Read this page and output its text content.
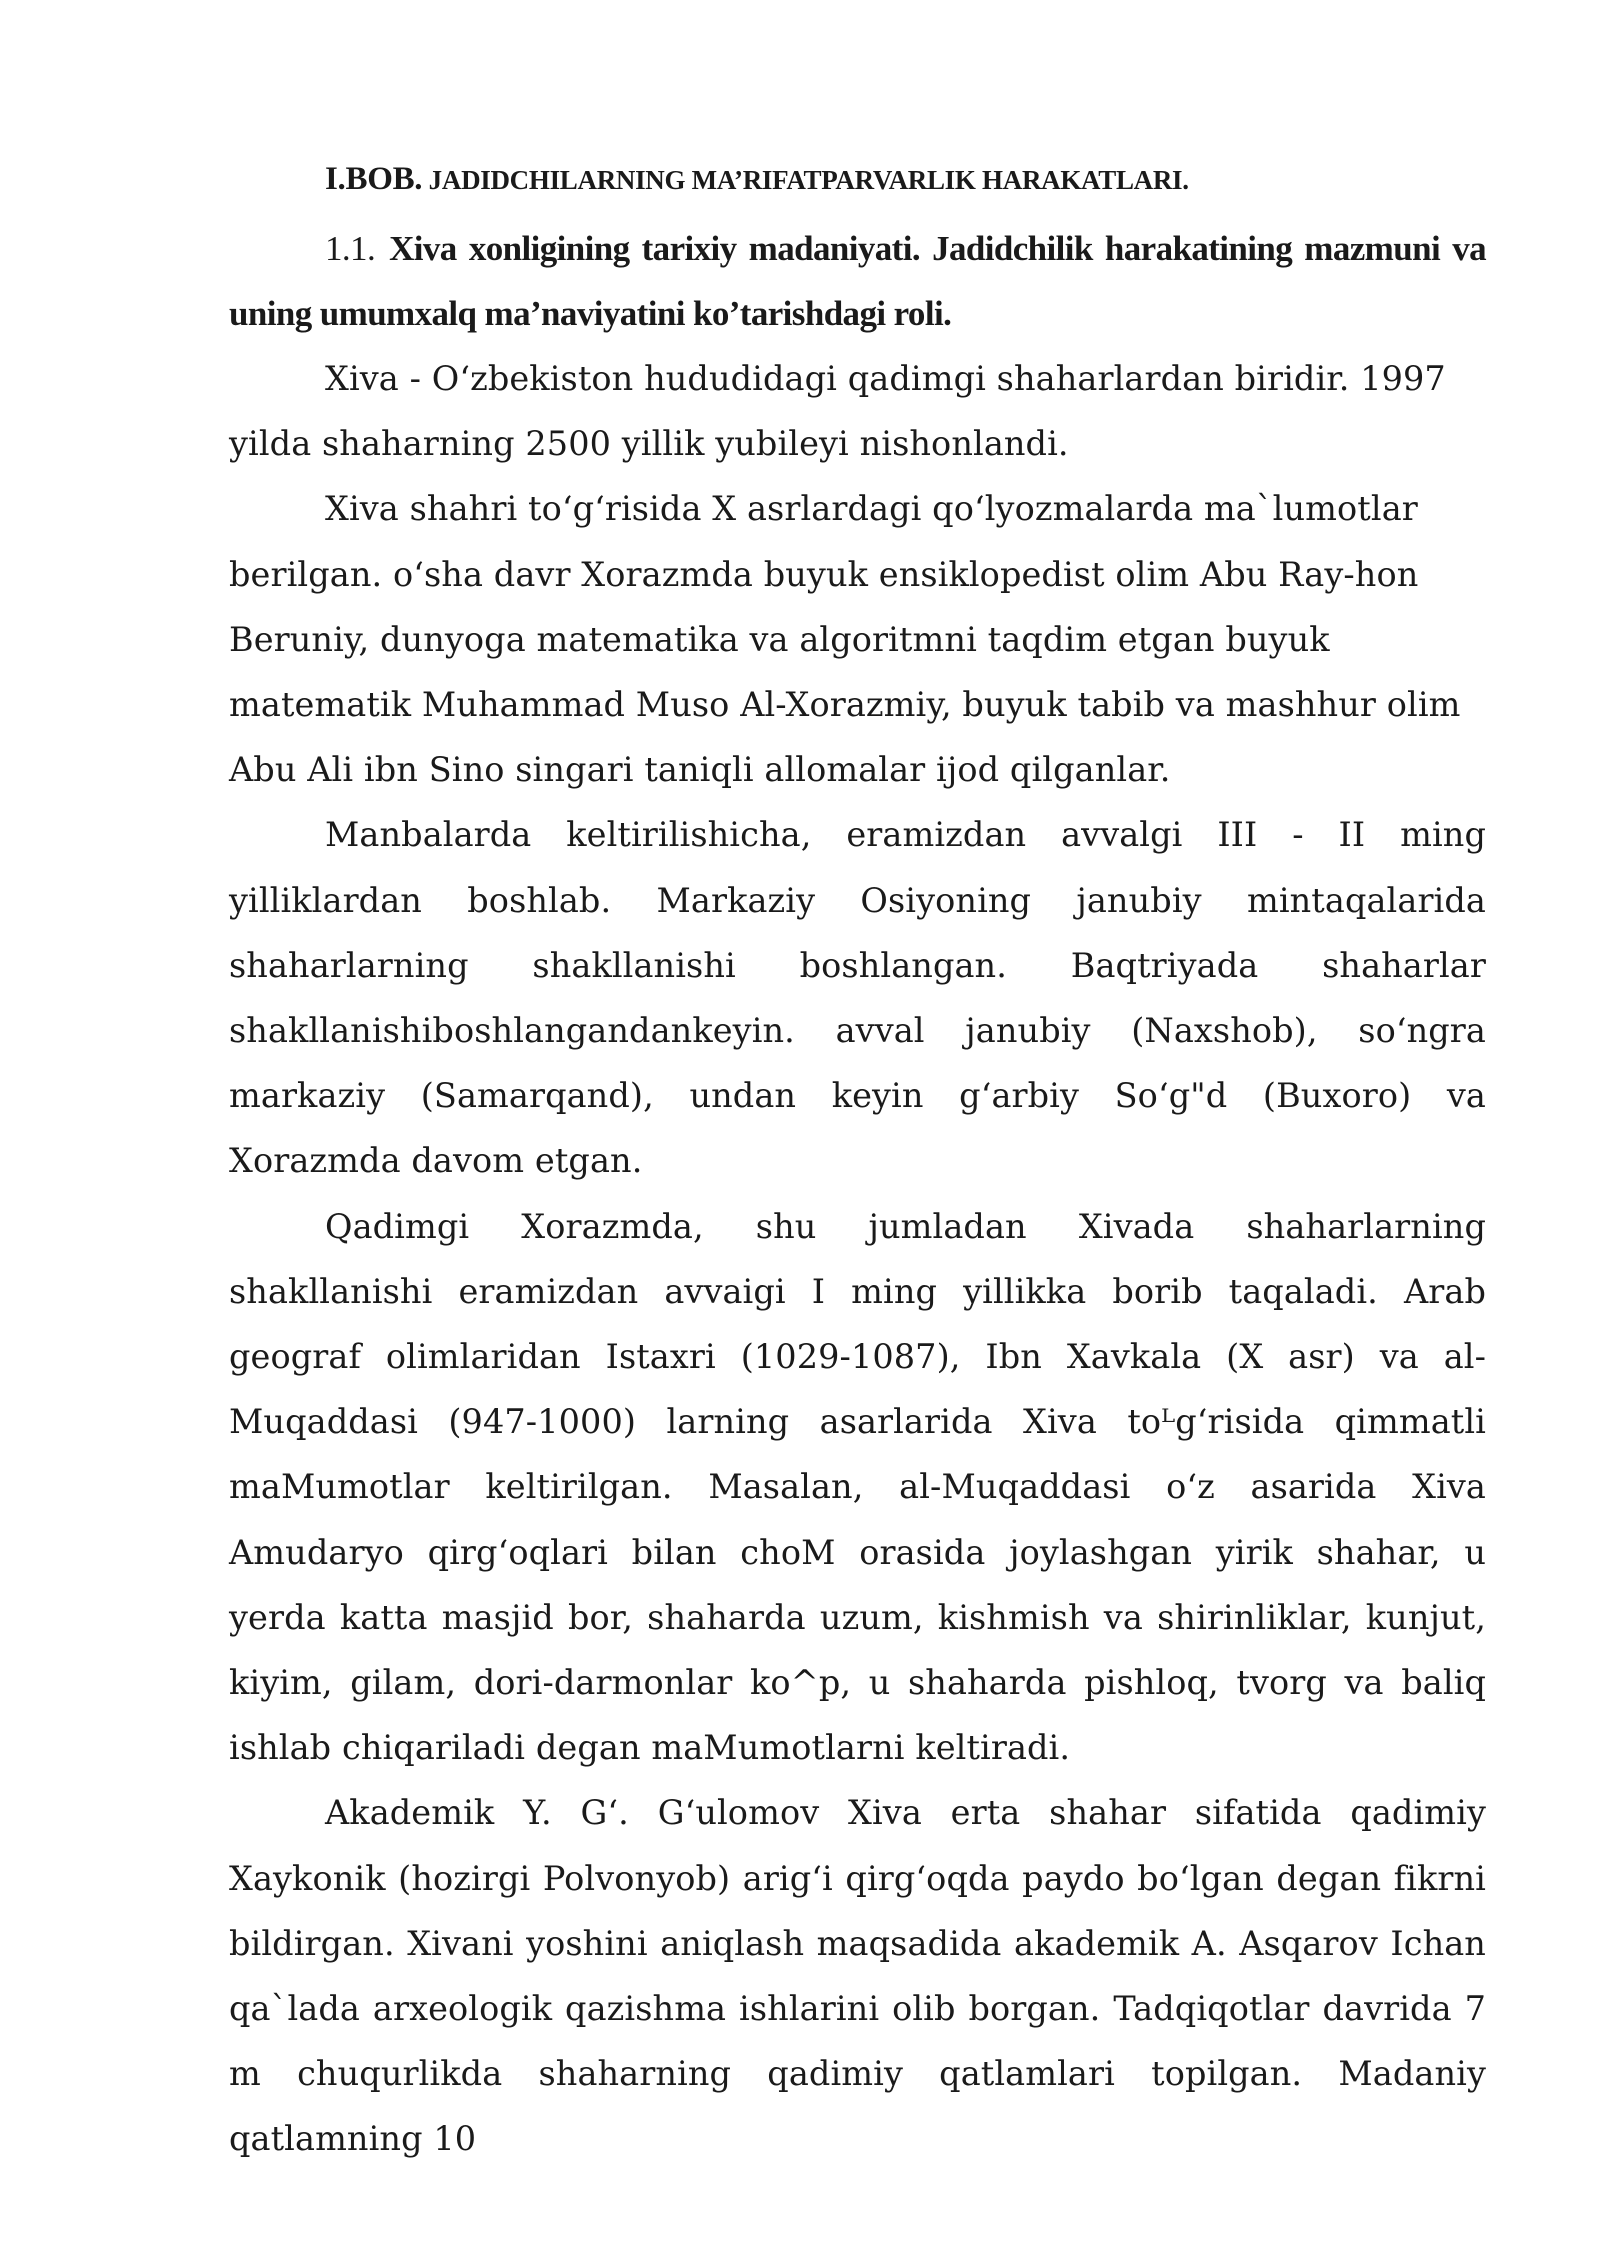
I.BOB. JADIDCHILARNING MA’RIFATPARVARLIK HARAKATLARI.
1.1. Xiva xonligining tarixiy madaniyati. Jadidchilik harakatining mazmuni va uning umumxalq ma’naviyatini ko’tarishdagi roli.

Xiva - O‘zbekiston hududidagi qadimgi shaharlardan biridir. 1997 yilda shaharning 2500 yillik yubileyi nishonlandi.

Xiva shahri to‘g‘risida X asrlardagi qo‘lyozmalarda ma`lumotlar berilgan. o‘sha davr Xorazmda buyuk ensiklopedist olim Abu Ray-hon Beruniy, dunyoga matematika va algoritmni taqdim etgan buyuk matematik Muhammad Muso Al-Xorazmiy, buyuk tabib va mashhur olim Abu Ali ibn Sino singari taniqli allomalar ijod qilganlar.

Manbalarda keltirilishicha, eramizdan avvalgi III - II ming yilliklardan boshlab. Markaziy Osiyoning janubiy mintaqalarida shaharlarning shakllanishi boshlangan. Baqtriyada shaharlar shakllanishiboshlangandankeyin. avval janubiy (Naxshob), so‘ngra markaziy (Samarqand), undan keyin g‘arbiy So‘g"d (Buxoro) va Xorazmda davom etgan.

Qadimgi Xorazmda, shu jumladan Xivada shaharlarning shakllanishi eramizdan avvaigi I ming yillikka borib taqaladi. Arab geograf olimlaridan Istaxri (1029-1087), Ibn Xavkala (X asr) va al-Muqaddasi (947-1000) larning asarlarida Xiva toᴸg‘risida qimmatli maMumotlar keltirilgan. Masalan, al-Muqaddasi o‘z asarida Xiva Amudaryo qirg‘oqlari bilan choM orasida joylashgan yirik shahar, u yerda katta masjid bor, shaharda uzum, kishmish va shirinliklar, kunjut, kiyim, gilam, dori-darmonlar ko^p, u shaharda pishloq, tvorg va baliq ishlab chiqariladi degan maMumotlarni keltiradi.

Akademik Y. G‘. G‘ulomov Xiva erta shahar sifatida qadimiy Xaykonik (hozirgi Polvonyob) arig‘i qirg‘oqda paydo bo‘lgan degan fikrni bildirgan. Xivani yoshini aniqlash maqsadida akademik A. Asqarov Ichan qa`lada arxeologik qazishma ishlarini olib borgan. Tadqiqotlar davrida 7 m chuqurlikda shaharning qadimiy qatlamlari topilgan. Madaniy qatlamning 10
